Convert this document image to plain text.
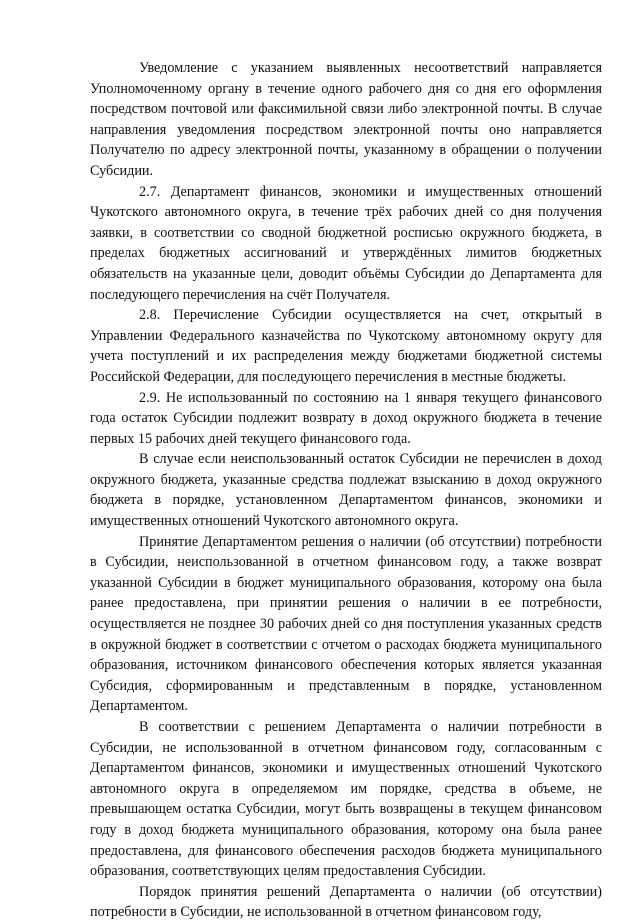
Уведомление с указанием выявленных несоответствий направляется Уполномоченному органу в течение одного рабочего дня со дня его оформления посредством почтовой или факсимильной связи либо электронной почты. В случае направления уведомления посредством электронной почты оно направляется Получателю по адресу электронной почты, указанному в обращении о получении Субсидии.

2.7. Департамент финансов, экономики и имущественных отношений Чукотского автономного округа, в течение трёх рабочих дней со дня получения заявки, в соответствии со сводной бюджетной росписью окружного бюджета, в пределах бюджетных ассигнований и утверждённых лимитов бюджетных обязательств на указанные цели, доводит объёмы Субсидии до Департамента для последующего перечисления на счёт Получателя.

2.8. Перечисление Субсидии осуществляется на счет, открытый в Управлении Федерального казначейства по Чукотскому автономному округу для учета поступлений и их распределения между бюджетами бюджетной системы Российской Федерации, для последующего перечисления в местные бюджеты.

2.9. Не использованный по состоянию на 1 января текущего финансового года остаток Субсидии подлежит возврату в доход окружного бюджета в течение первых 15 рабочих дней текущего финансового года.

В случае если неиспользованный остаток Субсидии не перечислен в доход окружного бюджета, указанные средства подлежат взысканию в доход окружного бюджета в порядке, установленном Департаментом финансов, экономики и имущественных отношений Чукотского автономного округа.

Принятие Департаментом решения о наличии (об отсутствии) потребности в Субсидии, неиспользованной в отчетном финансовом году, а также возврат указанной Субсидии в бюджет муниципального образования, которому она была ранее предоставлена, при принятии решения о наличии в ее потребности, осуществляется не позднее 30 рабочих дней со дня поступления указанных средств в окружной бюджет в соответствии с отчетом о расходах бюджета муниципального образования, источником финансового обеспечения которых является указанная Субсидия, сформированным и представленным в порядке, установленном Департаментом.

В соответствии с решением Департамента о наличии потребности в Субсидии, не использованной в отчетном финансовом году, согласованным с Департаментом финансов, экономики и имущественных отношений Чукотского автономного округа в определяемом им порядке, средства в объеме, не превышающем остатка Субсидии, могут быть возвращены в текущем финансовом году в доход бюджета муниципального образования, которому она была ранее предоставлена, для финансового обеспечения расходов бюджета муниципального образования, соответствующих целям предоставления Субсидии.

Порядок принятия решений Департамента о наличии (об отсутствии) потребности в Субсидии, не использованной в отчетном финансовом году,
